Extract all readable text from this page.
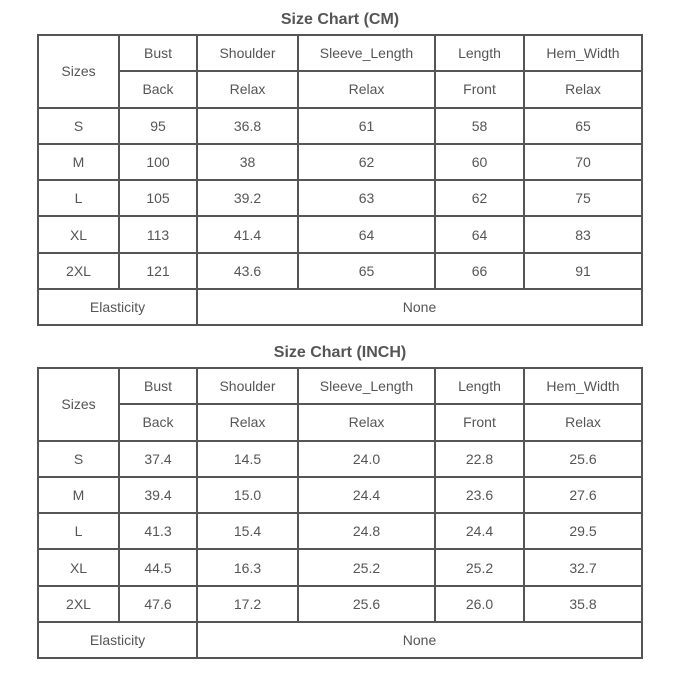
Size Chart (CM)
Sizes	Bust	Shoulder	Sleeve_Length	Length	Hem_Width
	Back	Relax	Relax	Front	Relax
S	95	36.8	61	58	65
M	100	38	62	60	70
L	105	39.2	63	62	75
XL	113	41.4	64	64	83
2XL	121	43.6	65	66	91
Elasticity		None			
Size Chart (INCH)
Sizes	Bust	Shoulder	Sleeve_Length	Length	Hem_Width
	Back	Relax	Relax	Front	Relax
S	37.4	14.5	24.0	22.8	25.6
M	39.4	15.0	24.4	23.6	27.6
L	41.3	15.4	24.8	24.4	29.5
XL	44.5	16.3	25.2	25.2	32.7
2XL	47.6	17.2	25.6	26.0	35.8
Elasticity		None			
